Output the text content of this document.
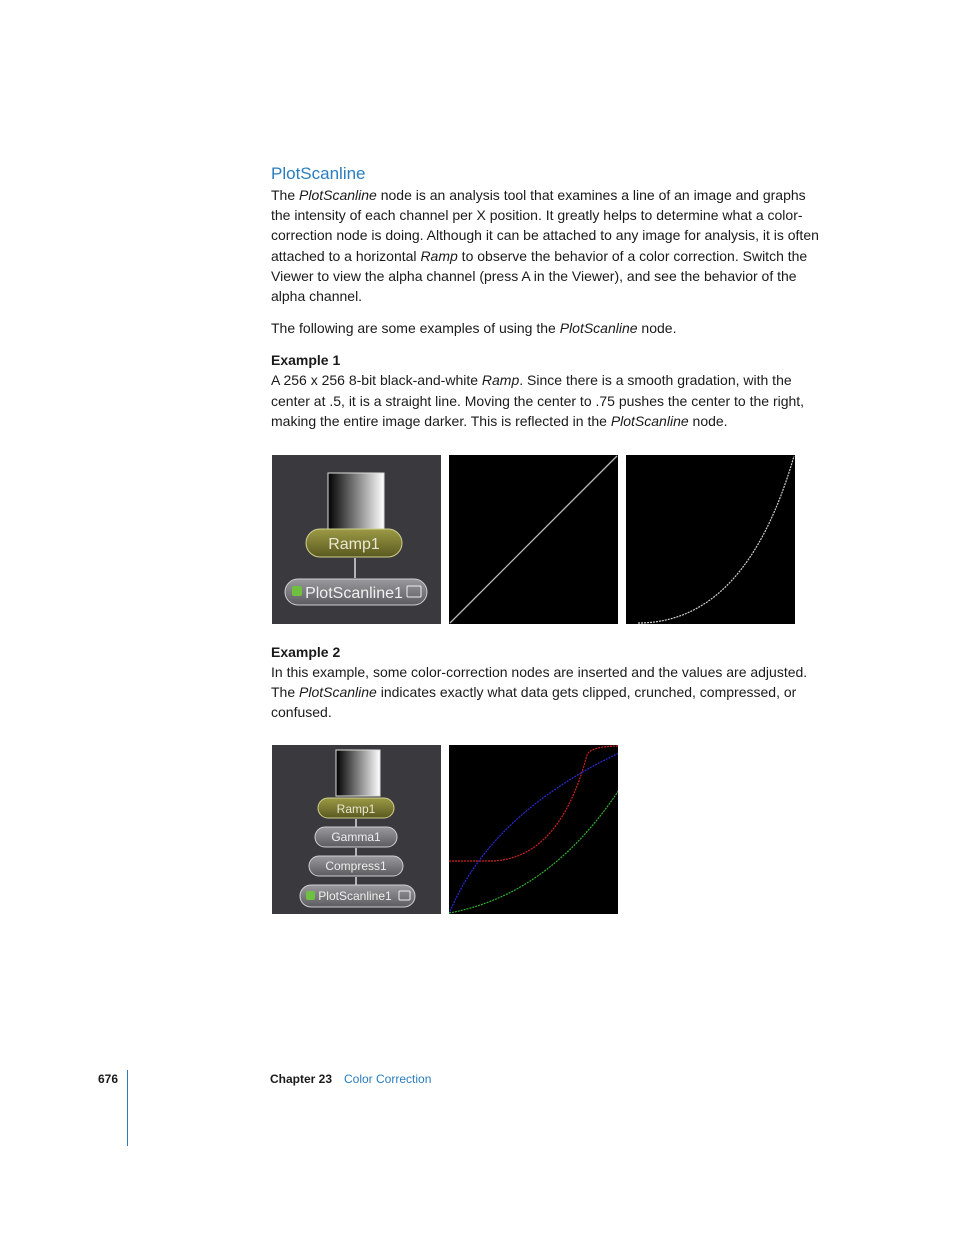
PlotScanline

The PlotScanline node is an analysis tool that examines a line of an image and graphs the intensity of each channel per X position. It greatly helps to determine what a color-correction node is doing. Although it can be attached to any image for analysis, it is often attached to a horizontal Ramp to observe the behavior of a color correction. Switch the Viewer to view the alpha channel (press A in the Viewer), and see the behavior of the alpha channel.

The following are some examples of using the PlotScanline node.

Example 1

A 256 x 256 8-bit black-and-white Ramp. Since there is a smooth gradation, with the center at .5, it is a straight line. Moving the center to .75 pushes the center to the right, making the entire image darker. This is reflected in the PlotScanline node.

Ramp1
PlotScanline1
Example 2

In this example, some color-correction nodes are inserted and the values are adjusted. The PlotScanline indicates exactly what data gets clipped, crunched, compressed, or confused.

Ramp1
Gamma1
Compress1
PlotScanline1
676	Chapter 23 Color Correction
